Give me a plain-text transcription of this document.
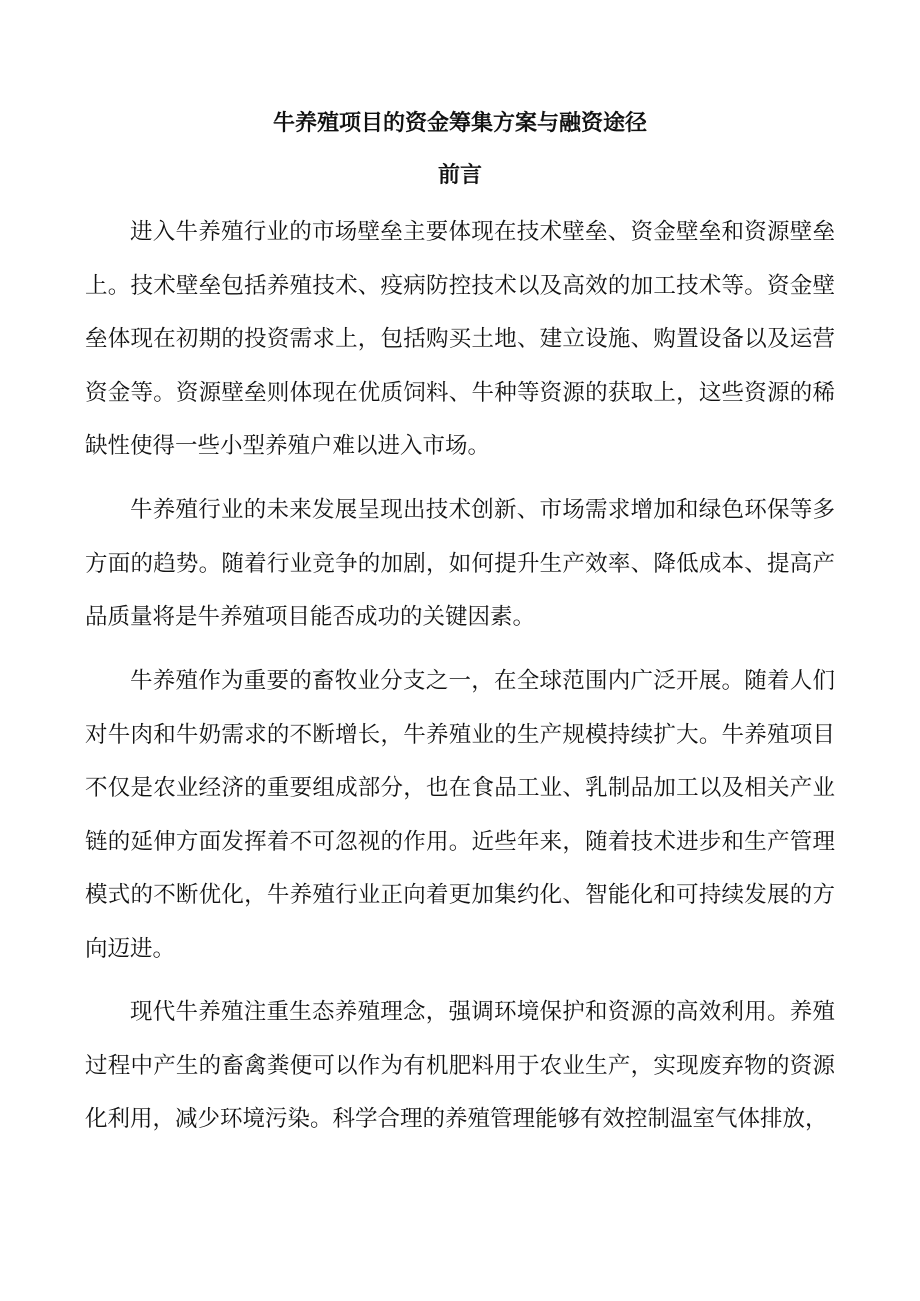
牛养殖项目的资金筹集方案与融资途径
前言

进入牛养殖行业的市场壁垒主要体现在技术壁垒、资金壁垒和资源壁垒上。技术壁垒包括养殖技术、疫病防控技术以及高效的加工技术等。资金壁垒体现在初期的投资需求上，包括购买土地、建立设施、购置设备以及运营资金等。资源壁垒则体现在优质饲料、牛种等资源的获取上，这些资源的稀缺性使得一些小型养殖户难以进入市场。

牛养殖行业的未来发展呈现出技术创新、市场需求增加和绿色环保等多方面的趋势。随着行业竞争的加剧，如何提升生产效率、降低成本、提高产品质量将是牛养殖项目能否成功的关键因素。

牛养殖作为重要的畜牧业分支之一，在全球范围内广泛开展。随着人们对牛肉和牛奶需求的不断增长，牛养殖业的生产规模持续扩大。牛养殖项目不仅是农业经济的重要组成部分，也在食品工业、乳制品加工以及相关产业链的延伸方面发挥着不可忽视的作用。近些年来，随着技术进步和生产管理模式的不断优化，牛养殖行业正向着更加集约化、智能化和可持续发展的方向迈进。

现代牛养殖注重生态养殖理念，强调环境保护和资源的高效利用。养殖过程中产生的畜禽粪便可以作为有机肥料用于农业生产，实现废弃物的资源化利用，减少环境污染。科学合理的养殖管理能够有效控制温室气体排放，
